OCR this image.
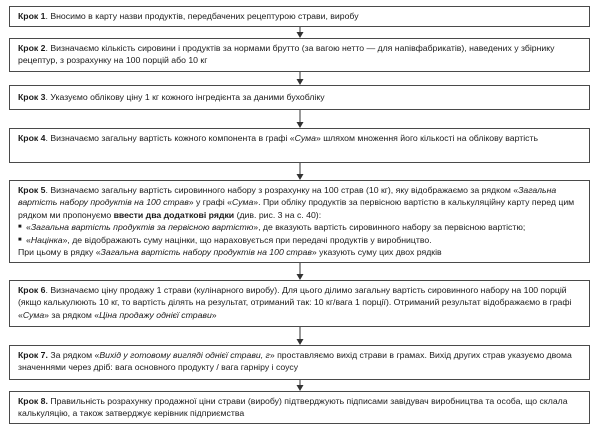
Крок 1. Вносимо в карту назви продуктів, передбачених рецептурою страви, виробу

Крок 2. Визначаємо кількість сировини і продуктів за нормами брутто (за вагою нетто — для напівфабрикатів), наведених у збірнику рецептур, з розрахунку на 100 порцій або 10 кг

Крок 3. Указуємо облікову ціну 1 кг кожного інгредієнта за даними бухобліку

Крок 4. Визначаємо загальну вартість кожного компонента в графі «Сума» шляхом множення його кількості на облікову вартість

Крок 5. Визначаємо загальну вартість сировинного набору з розрахунку на 100 страв (10 кг), яку відображаємо за рядком «Загальна вартість набору продуктів на 100 страв» у графі «Сума». При обліку продуктів за первісною вартістю в калькуляційну карту перед цим рядком ми пропонуємо ввести два додаткові рядки (див. рис. 3 на с. 40):

■ «Загальна вартість продуктів за первісною вартістю», де вказують вартість сировинного набору за первісною вартістю;
■ «Націнка», де відображають суму націнки, що нараховується при передачі продуктів у виробництво.

При цьому в рядку «Загальна вартість набору продуктів на 100 страв» указують суму цих двох рядків

Крок 6. Визначаємо ціну продажу 1 страви (кулінарного виробу). Для цього ділимо загальну вартість сировинного набору на 100 порцій (якщо калькулюють 10 кг, то вартість ділять на результат, отриманий так: 10 кг/вага 1 порції). Отриманий результат відображаємо в графі «Сума» за рядком «Ціна продажу однієї страви»

Крок 7. За рядком «Вихід у готовому вигляді однієї страви, г» проставляємо вихід страви в грамах. Вихід других страв указуємо двома значеннями через дріб: вага основного продукту / вага гарніру і соусу

Крок 8. Правильність розрахунку продажної ціни страви (виробу) підтверджують підписами завідувач виробництва та особа, що склала калькуляцію, а також затверджує керівник підприємства
